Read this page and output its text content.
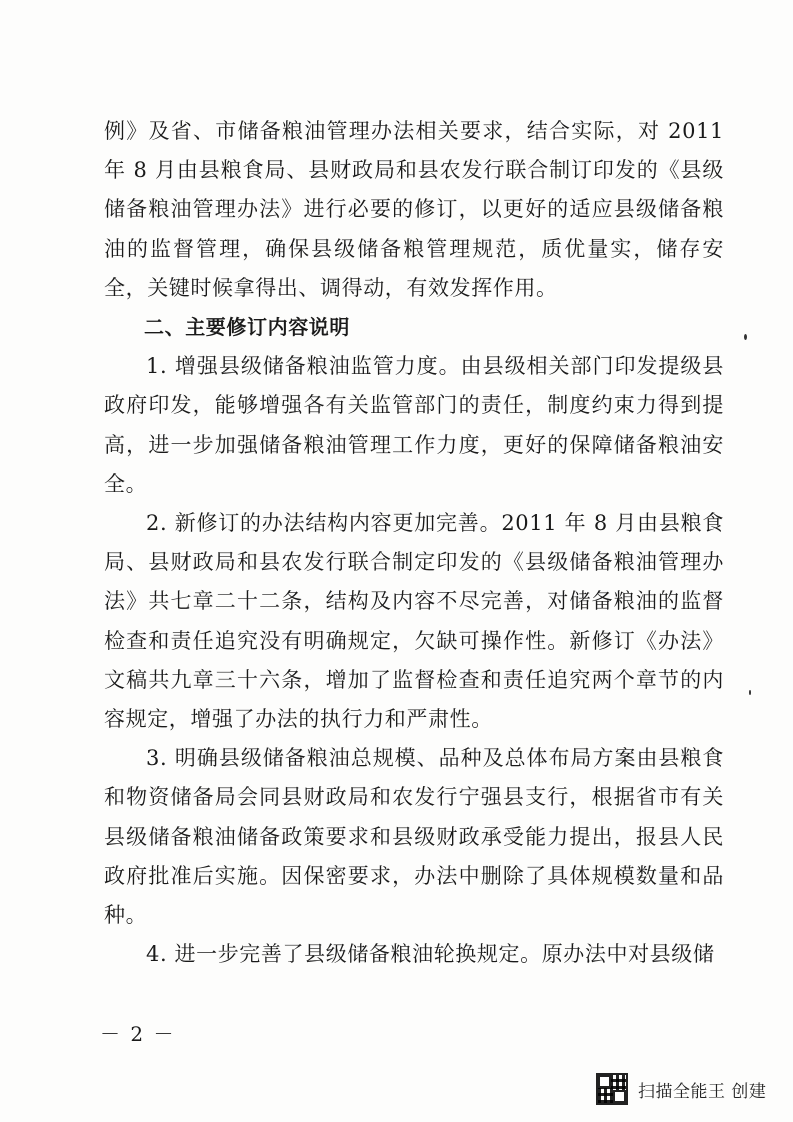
例》及省、市储备粮油管理办法相关要求，结合实际，对 2011 年 8 月由县粮食局、县财政局和县农发行联合制订印发的《县级储备粮油管理办法》进行必要的修订，以更好的适应县级储备粮油的监督管理，确保县级储备粮管理规范，质优量实，储存安全，关键时候拿得出、调得动，有效发挥作用。

二、主要修订内容说明

1. 增强县级储备粮油监管力度。由县级相关部门印发提级县政府印发，能够增强各有关监管部门的责任，制度约束力得到提高，进一步加强储备粮油管理工作力度，更好的保障储备粮油安全。

2. 新修订的办法结构内容更加完善。2011 年 8 月由县粮食局、县财政局和县农发行联合制定印发的《县级储备粮油管理办法》共七章二十二条，结构及内容不尽完善，对储备粮油的监督检查和责任追究没有明确规定，欠缺可操作性。新修订《办法》文稿共九章三十六条，增加了监督检查和责任追究两个章节的内容规定，增强了办法的执行力和严肃性。

3. 明确县级储备粮油总规模、品种及总体布局方案由县粮食和物资储备局会同县财政局和农发行宁强县支行，根据省市有关县级储备粮油储备政策要求和县级财政承受能力提出，报县人民政府批准后实施。因保密要求，办法中删除了具体规模数量和品种。

4. 进一步完善了县级储备粮油轮换规定。原办法中对县级储

－ 2 －
扫描全能王 创建
